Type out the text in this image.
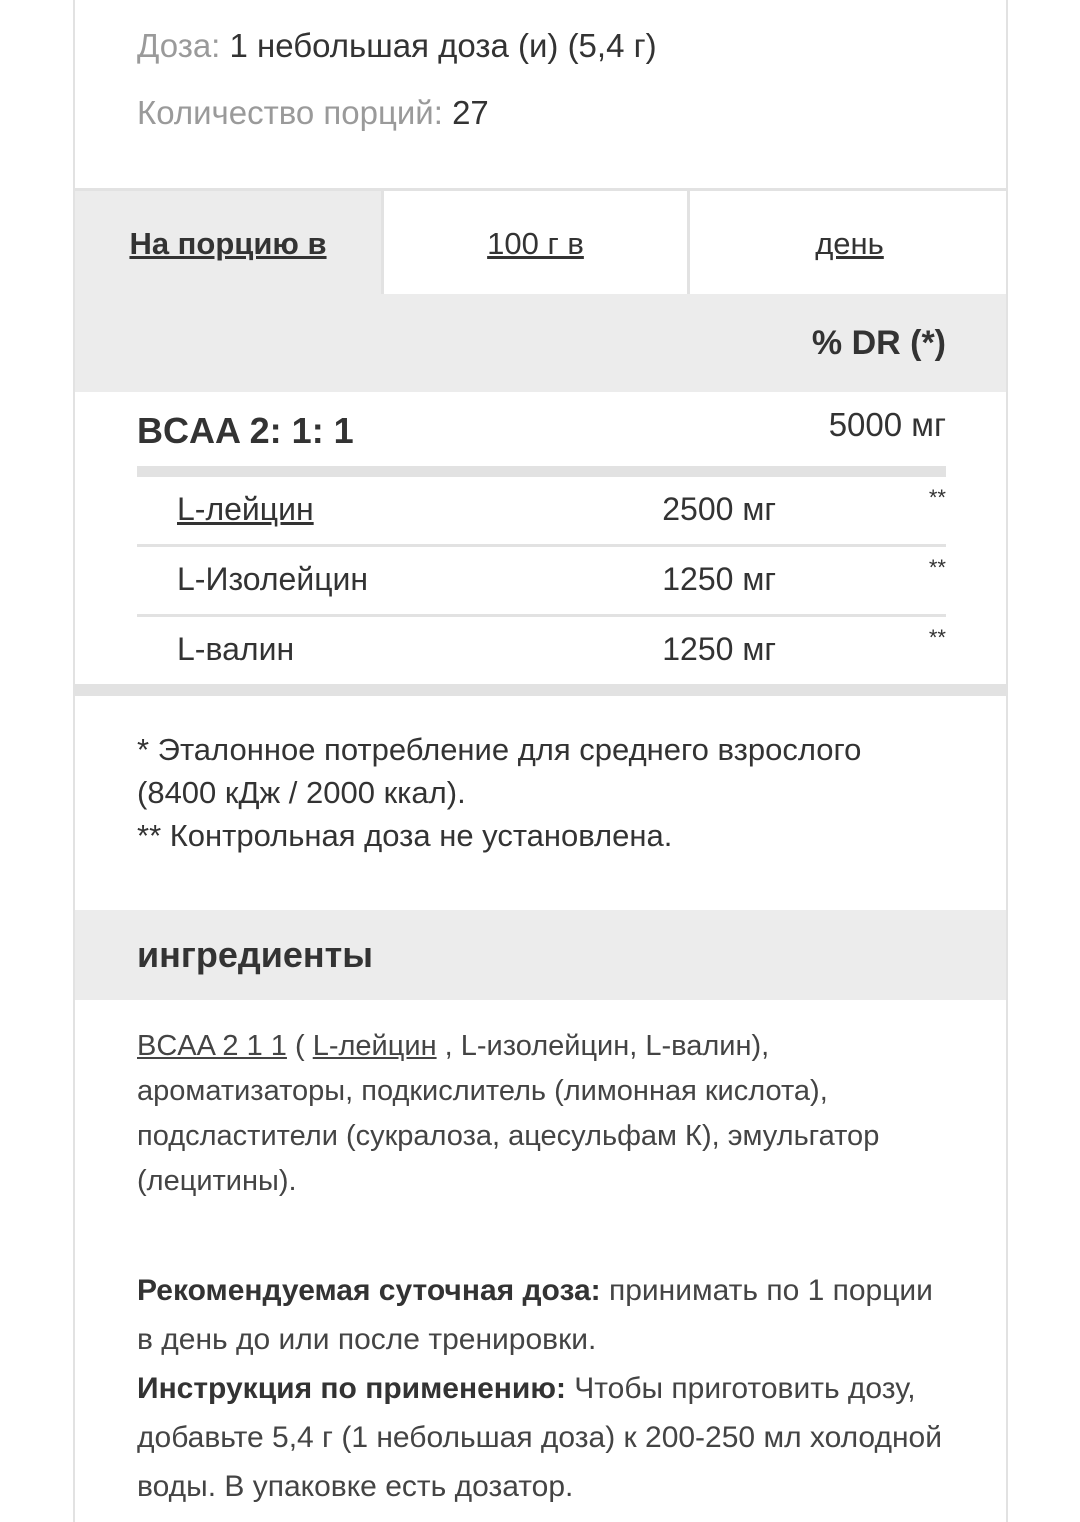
Доза: 1 небольшая доза (и) (5,4 г)
Количество порций: 27
На порцию в	100 г в	день
% DR (*)
BCAA 2: 1: 1	5000 мг
L-лейцин	2500 мг	**
L-Изолейцин	1250 мг	**
L-валин	1250 мг	**
* Эталонное потребление для среднего взрослого (8400 кДж / 2000 ккал).
** Контрольная доза не установлена.
ингредиенты
BCAA 2 1 1 ( L-лейцин , L-изолейцин, L-валин), ароматизаторы, подкислитель (лимонная кислота), подсластители (сукралоза, ацесульфам К), эмульгатор (лецитины).
Рекомендуемая суточная доза: принимать по 1 порции в день до или после тренировки.
Инструкция по применению: Чтобы приготовить дозу, добавьте 5,4 г (1 небольшая доза) к 200-250 мл холодной воды. В упаковке есть дозатор.
